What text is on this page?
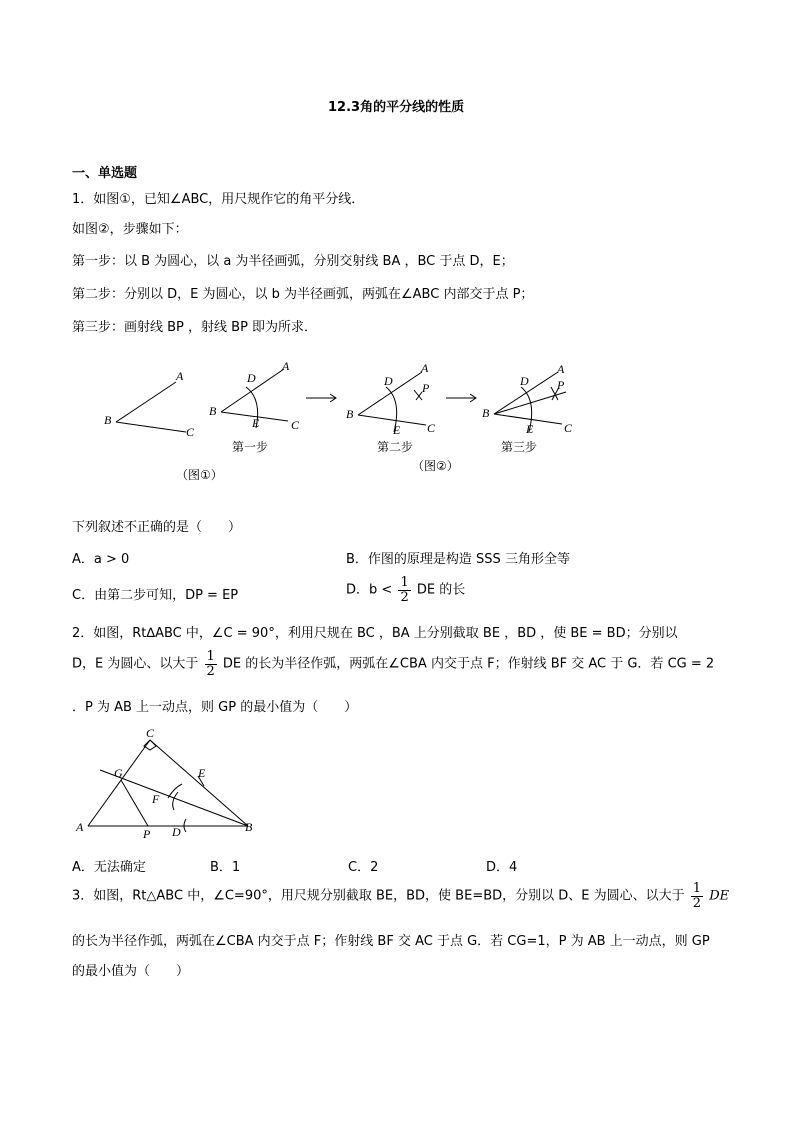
12.3角的平分线的性质
一、单选题
1．如图①，已知∠ABC，用尺规作它的角平分线．
如图②，步骤如下：
第一步：以 B 为圆心，以 a 为半径画弧，分别交射线 BA ，BC 于点 D，E；
第二步：分别以 D，E 为圆心，以 b 为半径画弧，两弧在∠ABC 内部交于点 P；
第三步：画射线 BP ，射线 BP 即为所求．
A
B
C
（图①）
A
D
B
E	C
第一步
A
D P
B
E C
第二步
（图②）
A
D P
B
E	C
第三步
下列叙述不正确的是（　　）
A．a > 0	B．作图的原理是构造 SSS 三角形全等
C．由第二步可知，DP = EP	D．$b < \frac{1}{2}$ DE 的长
2．如图，Rt∆ABC 中，∠C = 90°，利用尺规在 BC ，BA 上分别截取 BE ，BD ，使 BE = BD；分别以
D，E 为圆心、以大于 $\frac{1}{2}$ DE 的长为半径作弧，两弧在∠CBA 内交于点 F；作射线 BF 交 AC 于 G．若 CG = 2
．P 为 AB 上一动点，则 GP 的最小值为（　　）
C
G	E
F
A	P D	B
A．无法确定	B．1	C．2	D．4
3．如图，Rt△ABC 中，∠C=90°，用尺规分别截取 BE，BD，使 BE=BD，分别以 D、E 为圆心、以大于 $\frac{1}{2}$ DE
的长为半径作弧，两弧在∠CBA 内交于点 F；作射线 BF 交 AC 于点 G．若 CG=1，P 为 AB 上一动点，则 GP
的最小值为（　　）
